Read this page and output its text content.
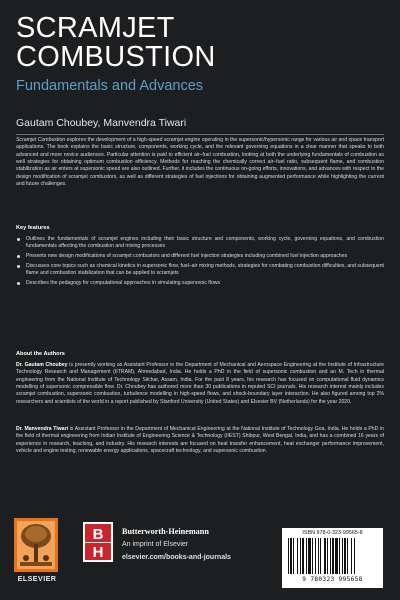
SCRAMJET
COMBUSTION
Fundamentals and Advances
Gautam Choubey, Manvendra Tiwari
Scramjet Combustion explores the development of a high-speed scramjet engine operating in the supersonic/hypersonic range for various air and space transport applications. The book explains the basic structure, components, working cycle, and the relevant governing equations in a clear manner that speaks to both advanced and more novice audiences. Particular attention is paid to efficient air–fuel combustion, looking at both the underlying fundamentals of combustion as well strategies for obtaining optimum combustion efficiency. Methods for reaching the chemically correct air–fuel ratio, subsequent flame, and combustion stabilization as air enters at supersonic speed are also outlined. Further, it includes the continuous on-going efforts, innovations, and advances with respect to the design modification of scramjet combustors, as well as different strategies of fuel injections for obtaining augmented performance while highlighting the current and future challenges.
Key features
Outlines the fundamentals of scramjet engines including their basic structure and components, working cycle, governing equations, and combustion fundamentals affecting the combustion and mixing processes
Presents new design modifications of scramjet combustors and different fuel injection strategies including combined fuel injection approaches
Discusses core topics such as chemical kinetics in supersonic flow, fuel–air mixing methods, strategies for combating combustion difficulties, and subsequent flame and combustion stabilization that can be applied to scramjets
Describes the pedagogy for computational approaches in simulating supersonic flows
About the Authors
Dr. Gautam Choubey is presently working as Assistant Professor in the Department of Mechanical and Aerospace Engineering at the Institute of Infrastructure Technology Research and Management (IITRAM), Ahmedabad, India. He holds a PhD in the field of supersonic combustion and an M. Tech in thermal engineering from the National Institute of Technology Silchar, Assam, India. For the past 8 years, his research has focused on computational fluid dynamics modelling of supersonic compressible flow. Dr. Choubey has authored more than 30 publications in reputed SCI journals. His research interest mainly includes scramjet combustion, supersonic combustion, turbulence modelling in high-speed flows, and shock-boundary layer interaction. He also figured among top 2% researchers and scientists of the world in a report published by Stanford University (United States) and Elsevier BV (Netherlands) for the year 2020.
Dr. Manvendra Tiwari is Assistant Professor in the Department of Mechanical Engineering at the National Institute of Technology Goa, India. He holds a PhD in the field of thermal engineering from Indian Institute of Engineering Science & Technology (IIEST) Shibpur, West Bengal, India, and has a combined 16 years of experience in research, teaching, and industry. His research interests are focused on heat transfer enhancement, heat exchanger performance improvement, vehicle and engine testing, renewable energy applications, spacecraft technology, and supersonic combustion.
ELSEVIER
B
H
Butterworth-Heinemann
An imprint of Elsevier
elsevier.com/books-and-journals
ISBN 978-0-323-99565-8
9 780323 995658
